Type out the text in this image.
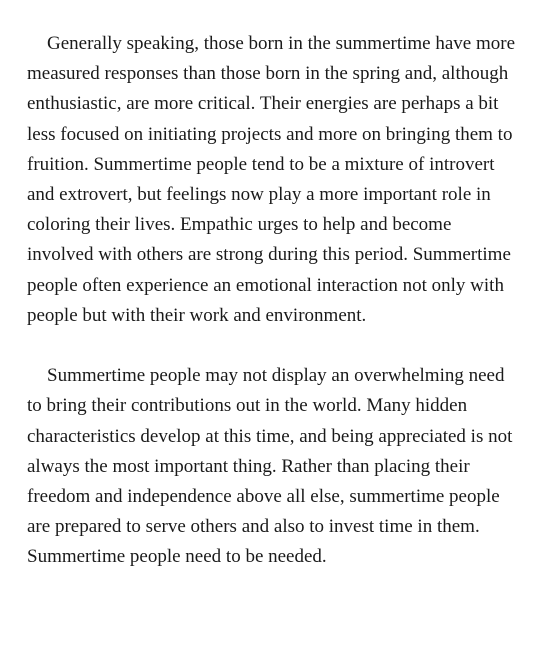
Generally speaking, those born in the summertime have more
measured responses than those born in the spring and, although
enthusiastic, are more critical. Their energies are perhaps a bit
less focused on initiating projects and more on bringing them to
fruition. Summertime people tend to be a mixture of introvert
and extrovert, but feelings now play a more important role in
coloring their lives. Empathic urges to help and become
involved with others are strong during this period. Summertime
people often experience an emotional interaction not only with
people but with their work and environment.

Summertime people may not display an overwhelming need
to bring their contributions out in the world. Many hidden
characteristics develop at this time, and being appreciated is not
always the most important thing. Rather than placing their
freedom and independence above all else, summertime people
are prepared to serve others and also to invest time in them.
Summertime people need to be needed.
